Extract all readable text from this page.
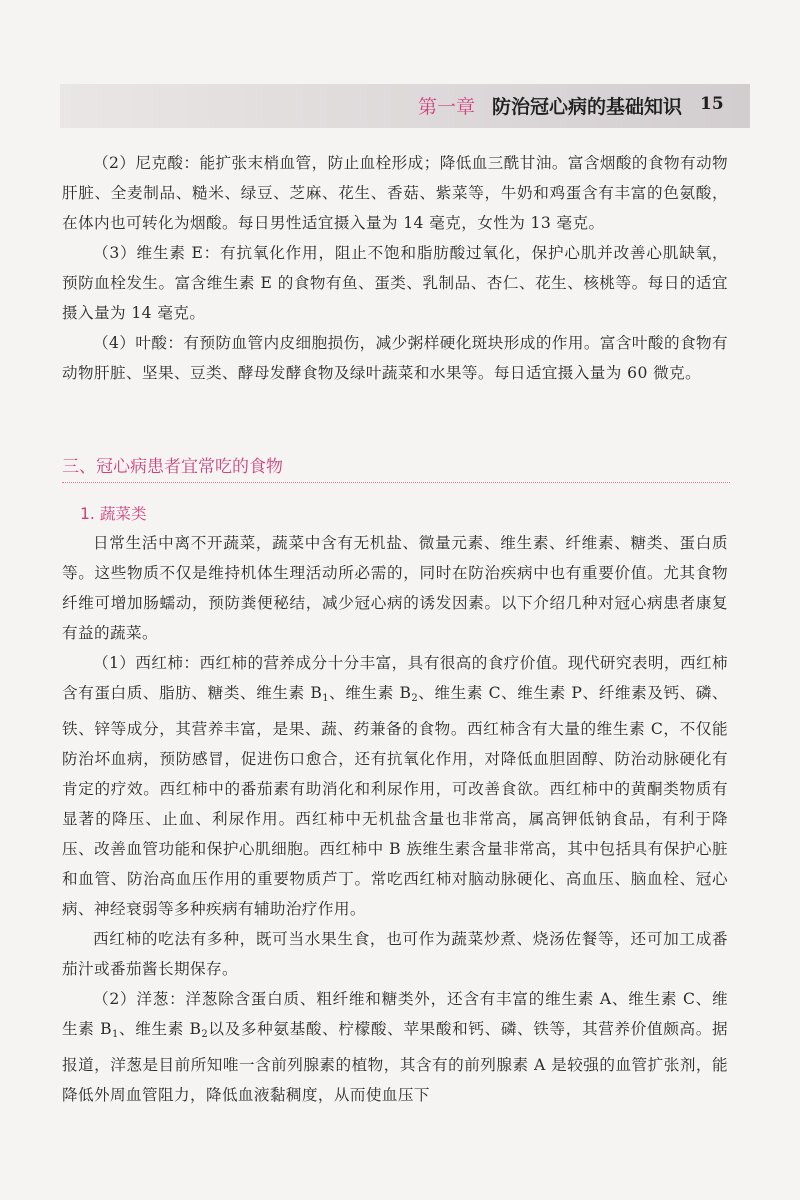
第一章 防治冠心病的基础知识 15

（2）尼克酸：能扩张末梢血管，防止血栓形成；降低血三酰甘油。富含烟酸的食物有动物肝脏、全麦制品、糙米、绿豆、芝麻、花生、香菇、紫菜等，牛奶和鸡蛋含有丰富的色氨酸，在体内也可转化为烟酸。每日男性适宜摄入量为 14 毫克，女性为 13 毫克。

（3）维生素 E：有抗氧化作用，阻止不饱和脂肪酸过氧化，保护心肌并改善心肌缺氧，预防血栓发生。富含维生素 E 的食物有鱼、蛋类、乳制品、杏仁、花生、核桃等。每日的适宜摄入量为 14 毫克。

（4）叶酸：有预防血管内皮细胞损伤，减少粥样硬化斑块形成的作用。富含叶酸的食物有动物肝脏、坚果、豆类、酵母发酵食物及绿叶蔬菜和水果等。每日适宜摄入量为 60 微克。

三、冠心病患者宜常吃的食物
1. 蔬菜类

日常生活中离不开蔬菜，蔬菜中含有无机盐、微量元素、维生素、纤维素、糖类、蛋白质等。这些物质不仅是维持机体生理活动所必需的，同时在防治疾病中也有重要价值。尤其食物纤维可增加肠蠕动，预防粪便秘结，减少冠心病的诱发因素。以下介绍几种对冠心病患者康复有益的蔬菜。

（1）西红柿：西红柿的营养成分十分丰富，具有很高的食疗价值。现代研究表明，西红柿含有蛋白质、脂肪、糖类、维生素 $B_1$、维生素 $B_2$、维生素 C、维生素 P、纤维素及钙、磷、铁、锌等成分，其营养丰富，是果、蔬、药兼备的食物。西红柿含有大量的维生素 C，不仅能防治坏血病，预防感冒，促进伤口愈合，还有抗氧化作用，对降低血胆固醇、防治动脉硬化有肯定的疗效。西红柿中的番茄素有助消化和利尿作用，可改善食欲。西红柿中的黄酮类物质有显著的降压、止血、利尿作用。西红柿中无机盐含量也非常高，属高钾低钠食品，有利于降压、改善血管功能和保护心肌细胞。西红柿中 B 族维生素含量非常高，其中包括具有保护心脏和血管、防治高血压作用的重要物质芦丁。常吃西红柿对脑动脉硬化、高血压、脑血栓、冠心病、神经衰弱等多种疾病有辅助治疗作用。

西红柿的吃法有多种，既可当水果生食，也可作为蔬菜炒煮、烧汤佐餐等，还可加工成番茄汁或番茄酱长期保存。

（2）洋葱：洋葱除含蛋白质、粗纤维和糖类外，还含有丰富的维生素 A、维生素 C、维生素 $B_1$、维生素 $B_2$以及多种氨基酸、柠檬酸、苹果酸和钙、磷、铁等，其营养价值颇高。据报道，洋葱是目前所知唯一含前列腺素的植物，其含有的前列腺素 A 是较强的血管扩张剂，能降低外周血管阻力，降低血液黏稠度，从而使血压下
